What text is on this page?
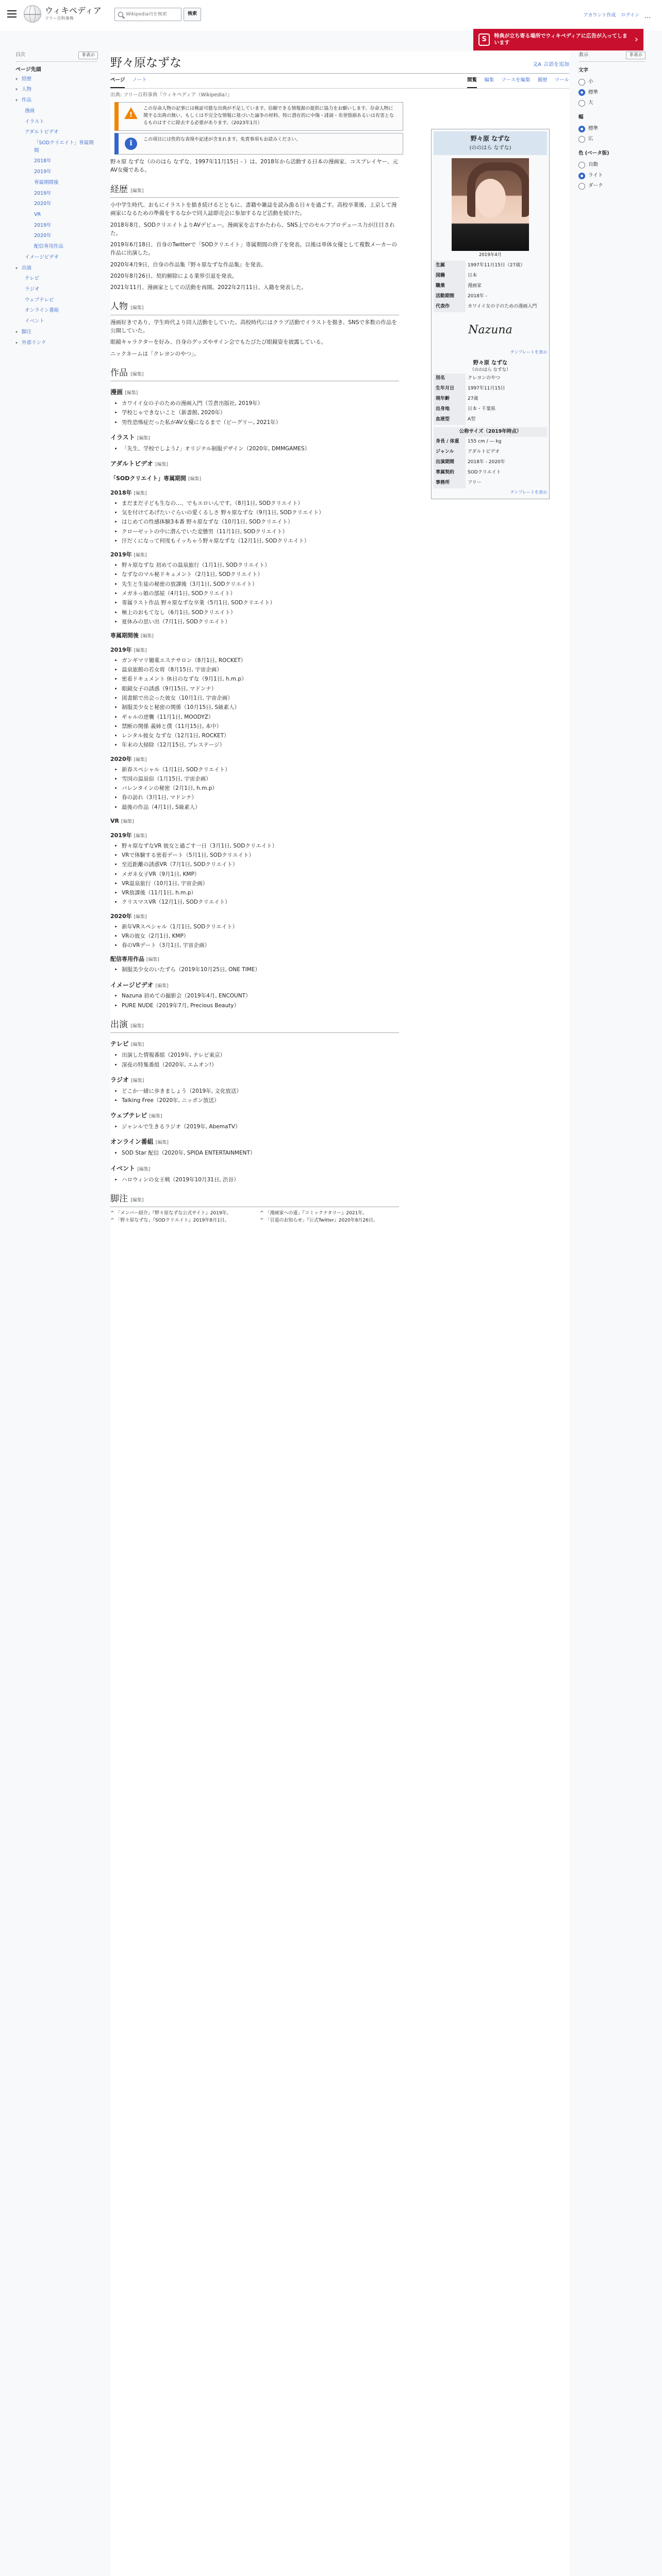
ウィキペディア
フリー百科事典
Wikipedia内を検索
検索	アカウント作成 ログイン …
S	特典が立ち寄る場所でウィキペディアに広告が入ってしまいます	›
目次	非表示
ページ先頭
▾ 経歴
▾ 人物
▾ 作品
漫画
イラスト
アダルトビデオ
「SODクリエイト」専属期間
2018年
2019年
専属期間後
2019年
2020年
VR
2019年
2020年
配信専用作品
イメージビデオ
▾ 出演
テレビ
ラジオ
ウェブテレビ
オンライン番組
イベント
▾ 脚注
▾ 外部リンク
表示	非表示
文字
小
標準
大
幅
標準
広
色 (ベータ版)
自動
ライト
ダーク
野々原なずな	文A 言語を追加
ページ ノート	閲覧 編集 ソースを編集 履歴 ツール
出典: フリー百科事典『ウィキペディア（Wikipedia）』
!
この存命人物の記事には検証可能な出典が不足しています。信頼できる情報源の提供に協力をお願いします。存命人物に関する出典の無い、もしくは不完全な情報に基づいた論争の材料、特に潜在的に中傷・誹謗・名誉毀損あるいは有害となるものはすぐに除去する必要があります。（2023年1月）
i	この項目には性的な表現や記述が含まれます。免責事項もお読みください。

野々原 なずな（ののはら なずな、1997年11月15日 - ）は、2018年から活動する日本の漫画家、コスプレイヤー、元AV女優である。

経歴 [編集]

小中学生時代、おもにイラストを描き続けるとともに、書籍や雑誌を読み漁る日々を過ごす。高校卒業後、上京して漫画家になるための準備をするなかで同人誌即売会に参加するなど活動を続けた。

2018年8月、SODクリエイトよりAVデビュー。漫画家を志すかたわら、SNS上でのセルフプロデュース力が注目された。

2019年6月18日、自身のTwitterで「SODクリエイト」専属期間の終了を発表。以後は単体女優として複数メーカーの作品に出演した。

2020年4月9日、自身の作品集『野々原なずな作品集』を発表。

2020年8月26日、契約解除による業界引退を発表。

2021年11月、漫画家としての活動を再開。2022年2月11日、入籍を発表した。

人物 [編集]

漫画好きであり、学生時代より同人活動をしていた。高校時代にはクラブ活動でイラストを描き、SNSで多数の作品を公開していた。

眼鏡キャラクターを好み、自身のグッズやサイン会でもたびたび眼鏡姿を披露している。

ニックネームは「クレヨンのやつ」。

作品 [編集]
漫画 [編集]
• カワイイ女の子のための漫画入門（笠倉出版社, 2019年）
• 学校じゃできないこと（新書館, 2020年）
• 男性恐怖症だった私がAV女優になるまで（ビーグリー, 2021年）
イラスト [編集]
• 「先生、学校でしよう♪」オリジナル制服デザイン（2020年, DMMGAMES）
アダルトビデオ [編集]
「SODクリエイト」専属期間 [編集]
2018年 [編集]
• まだまだ子ども生なの…、でもエロいんです。（8月1日, SODクリエイト）
• 気を付けてあげたいぐらいの愛くるしさ 野々原なずな（9月1日, SODクリエイト）
• はじめての性感体験3本番 野々原なずな（10月1日, SODクリエイト）
• クローゼットの中に潜んでいた変態男（11月1日, SODクリエイト）
• 汗だくになって何度もイッちゃう野々原なずな（12月1日, SODクリエイト）
2019年 [編集]
• 野々原なずな 初めての温泉旅行（1月1日, SODクリエイト）
• なずなのマル秘ドキュメント（2月1日, SODクリエイト）
• 先生と生徒の秘密の放課後（3月1日, SODクリエイト）
• メガネっ娘の部屋（4月1日, SODクリエイト）
• 専属ラスト作品 野々原なずな卒業（5月1日, SODクリエイト）
• 極上のおもてなし（6月1日, SODクリエイト）
• 夏休みの思い出（7月1日, SODクリエイト）
専属期間後 [編集]
2019年 [編集]
• ガンギマリ媚薬エステサロン（8月1日, ROCKET）
• 温泉旅館の若女将（8月15日, 宇宙企画）
• 密着ドキュメント 休日のなずな（9月1日, h.m.p）
• 眼鏡女子の誘惑（9月15日, マドンナ）
• 図書館で出会った彼女（10月1日, 宇宙企画）
• 制服美少女と秘密の関係（10月15日, S級素人）
• ギャルの逆襲（11月1日, MOODYZ）
• 禁断の関係 義姉と僕（11月15日, 本中）
• レンタル彼女 なずな（12月1日, ROCKET）
• 年末の大掃除（12月15日, プレステージ）
2020年 [編集]
• 新春スペシャル（1月1日, SODクリエイト）
• 雪国の温泉宿（1月15日, 宇宙企画）
• バレンタインの秘密（2月1日, h.m.p）
• 春の訪れ（3月1日, マドンナ）
• 最後の作品（4月1日, S級素人）
VR [編集]
2019年 [編集]
• 野々原なずなVR 彼女と過ごす一日（3月1日, SODクリエイト）
• VRで体験する密着デート（5月1日, SODクリエイト）
• 至近距離の誘惑VR（7月1日, SODクリエイト）
• メガネ女子VR（9月1日, KMP）
• VR温泉旅行（10月1日, 宇宙企画）
• VR放課後（11月1日, h.m.p）
• クリスマスVR（12月1日, SODクリエイト）
2020年 [編集]
• 新年VRスペシャル（1月1日, SODクリエイト）
• VRの彼女（2月1日, KMP）
• 春のVRデート（3月1日, 宇宙企画）
配信専用作品 [編集]
• 制服美少女のいたずら（2019年10月25日, ONE TIME）
イメージビデオ [編集]
• Nazuna 初めての撮影会（2019年4月, ENCOUNT）
• PURE NUDE（2019年7月, Precious Beauty）
出演 [編集]
テレビ [編集]
• 出演した情報番組（2019年, テレビ東京）
• 深夜の特集番組（2020年, エムオン!）
ラジオ [編集]
• どこか一緒に歩きましょう（2019年, 文化放送）
• Talking Free（2020年, ニッポン放送）
ウェブテレビ [編集]
• ジャンルで生きるラジオ（2019年, AbemaTV）
オンライン番組 [編集]
• SOD Star 配信（2020年, SPIDA ENTERTAINMENT）
イベント [編集]
• ハロウィンの女王戦（2019年10月31日, 渋谷）
脚注 [編集]
^ 「メンバー紹介」『野々原なずな公式サイト』2019年。
^ 「野々原なずな」『SODクリエイト』2019年8月1日。
^ 「漫画家への道」『コミックナタリー』2021年。
^ 「引退のお知らせ」『公式Twitter』2020年8月26日。
野々原 なずな
(ののはら なずな)
2019年4月
生誕	1997年11月15日（27歳）
国籍	日本
職業	漫画家
活動期間	2018年 -
代表作	カワイイ女の子のための漫画入門
Nazuna
テンプレートを表示
野々原 なずな
（ののはら なずな）
別名	クレヨンのやつ
生年月日	1997年11月15日
現年齢	27歳
出身地	日本・千葉県
血液型	A型
公称サイズ（2019年時点）
身長 / 体重	155 cm / ― kg
ジャンル	アダルトビデオ
出演期間	2018年 - 2020年
専属契約	SODクリエイト
事務所	フリー
テンプレートを表示
